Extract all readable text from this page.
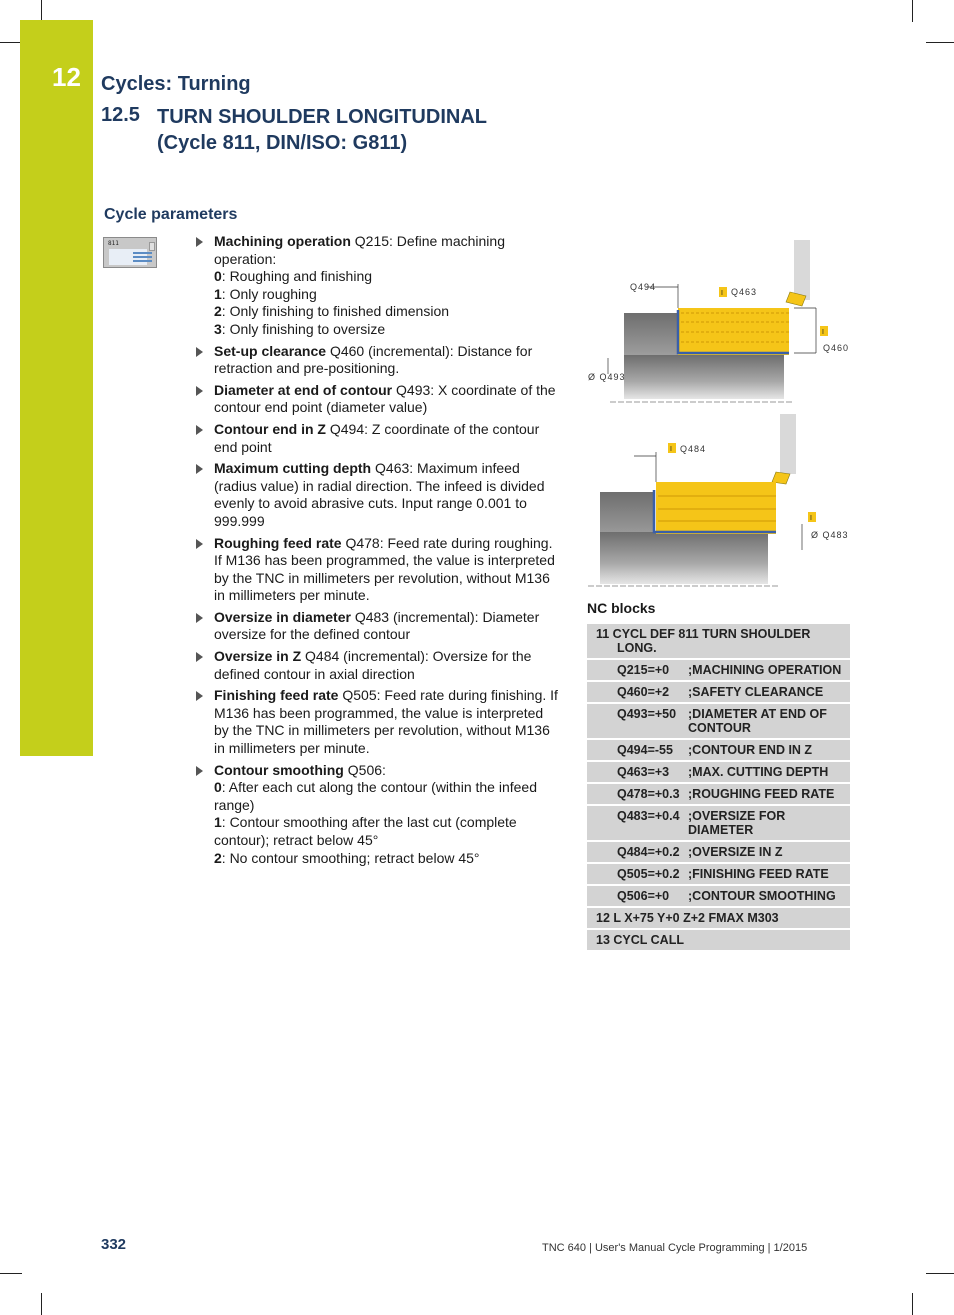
12 Cycles: Turning
12.5 TURN SHOULDER LONGITUDINAL
(Cycle 811, DIN/ISO: G811)
Cycle parameters
811	Machining operation Q215: Define machining operation:
0: Roughing and finishing
1: Only roughing
2: Only finishing to finished dimension
3: Only finishing to oversize
Set-up clearance Q460 (incremental): Distance for retraction and pre-positioning.
Diameter at end of contour Q493: X coordinate of the contour end point (diameter value)
Contour end in Z Q494: Z coordinate of the contour end point
Maximum cutting depth Q463: Maximum infeed (radius value) in radial direction. The infeed is divided evenly to avoid abrasive cuts. Input range 0.001 to 999.999
Roughing feed rate Q478: Feed rate during roughing. If M136 has been programmed, the value is interpreted by the TNC in millimeters per revolution, without M136 in millimeters per minute.
Oversize in diameter Q483 (incremental): Diameter oversize for the defined contour
Oversize in Z Q484 (incremental): Oversize for the defined contour in axial direction
Finishing feed rate Q505: Feed rate during finishing. If M136 has been programmed, the value is interpreted by the TNC in millimeters per revolution, without M136 in millimeters per minute.
Contour smoothing Q506:
0: After each cut along the contour (within the infeed range)
1: Contour smoothing after the last cut (complete contour); retract below 45°
2: No contour smoothing; retract below 45°
Q494
I Q463
I
Q460
Ø Q493
I Q484
I
Ø Q483
NC blocks
11 CYCL DEF 811 TURN SHOULDER
LONG.
Q215=+0	;MACHINING OPERATION
Q460=+2	;SAFETY CLEARANCE
Q493=+50 ;DIAMETER AT END OF CONTOUR
Q494=-55	;CONTOUR END IN Z
Q463=+3	;MAX. CUTTING DEPTH
Q478=+0.3 ;ROUGHING FEED RATE
Q483=+0.4 ;OVERSIZE FOR DIAMETER
Q484=+0.2 ;OVERSIZE IN Z
Q505=+0.2 ;FINISHING FEED RATE
Q506=+0	;CONTOUR SMOOTHING
12 L X+75 Y+0 Z+2 FMAX M303
13 CYCL CALL
332	TNC 640 | User's Manual Cycle Programming | 1/2015
